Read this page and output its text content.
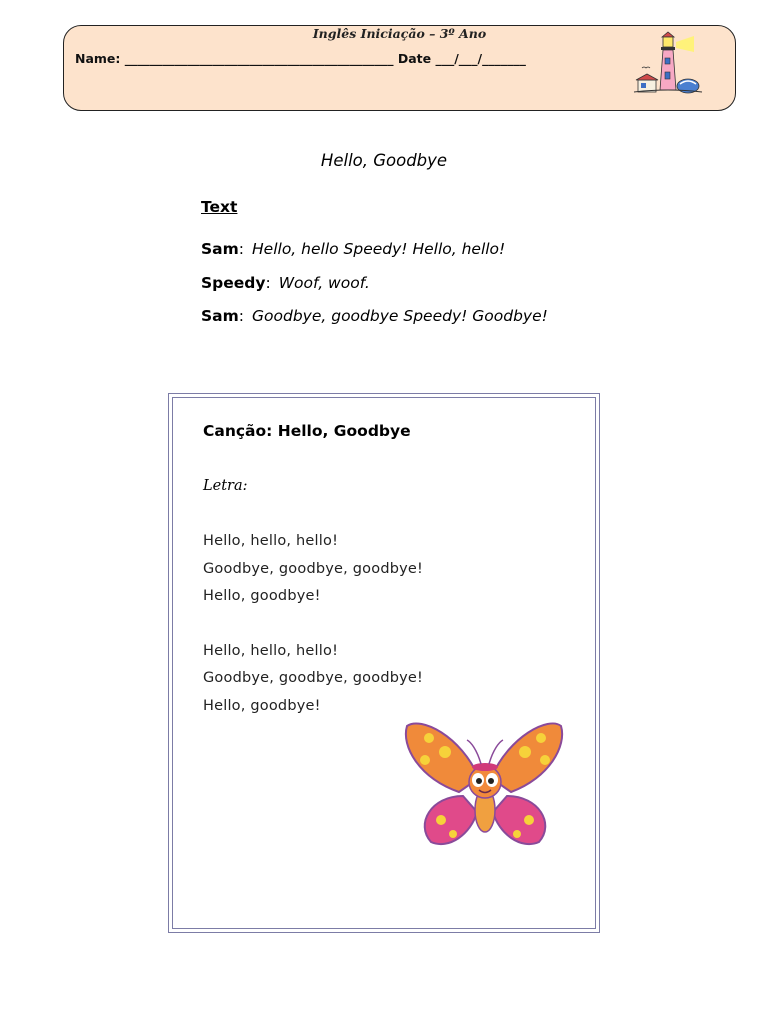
Inglês Iniciação – 3º Ano
Name: ___________________________________________ Date ___/___/_______
Hello, Goodbye
Text
Sam: Hello, hello Speedy! Hello, hello!
Speedy: Woof, woof.
Sam: Goodbye, goodbye Speedy! Goodbye!
Canção: Hello, Goodbye
Letra:
Hello, hello, hello!
Goodbye, goodbye, goodbye!
Hello, goodbye!
Hello, hello, hello!
Goodbye, goodbye, goodbye!
Hello, goodbye!
